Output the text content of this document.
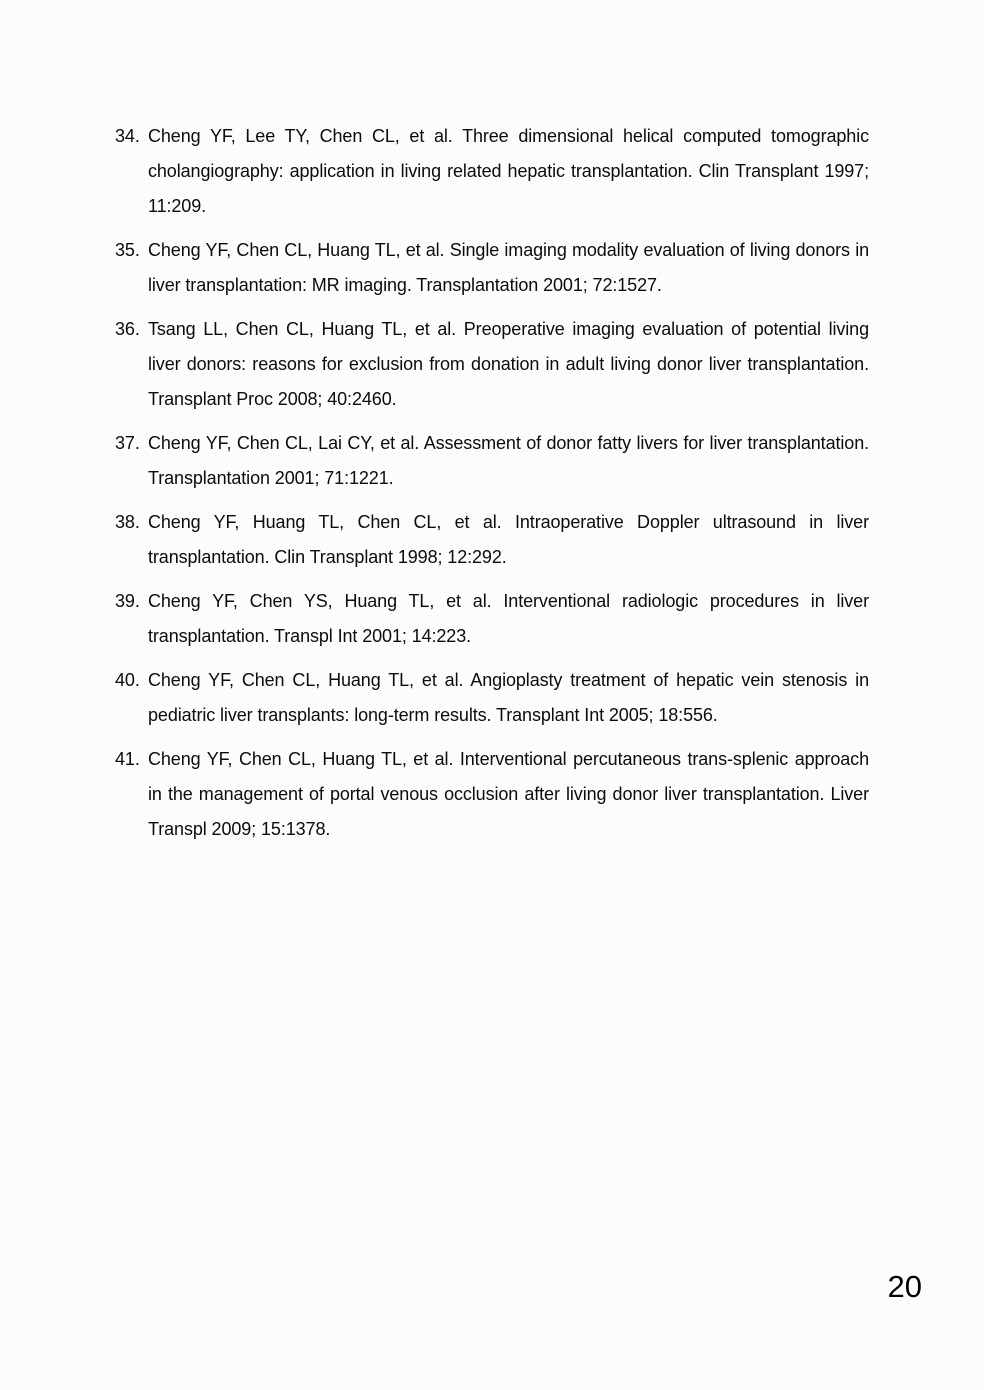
34. Cheng YF, Lee TY, Chen CL, et al. Three dimensional helical computed tomographic cholangiography: application in living related hepatic transplantation. Clin Transplant 1997; 11:209.
35. Cheng YF, Chen CL, Huang TL, et al. Single imaging modality evaluation of living donors in liver transplantation: MR imaging. Transplantation 2001; 72:1527.
36. Tsang LL, Chen CL, Huang TL, et al. Preoperative imaging evaluation of potential living liver donors: reasons for exclusion from donation in adult living donor liver transplantation. Transplant Proc 2008; 40:2460.
37. Cheng YF, Chen CL, Lai CY, et al. Assessment of donor fatty livers for liver transplantation. Transplantation 2001; 71:1221.
38. Cheng YF, Huang TL, Chen CL, et al. Intraoperative Doppler ultrasound in liver transplantation. Clin Transplant 1998; 12:292.
39. Cheng YF, Chen YS, Huang TL, et al. Interventional radiologic procedures in liver transplantation. Transpl Int 2001; 14:223.
40. Cheng YF, Chen CL, Huang TL, et al. Angioplasty treatment of hepatic vein stenosis in pediatric liver transplants: long-term results. Transplant Int 2005; 18:556.
41. Cheng YF, Chen CL, Huang TL, et al. Interventional percutaneous trans-splenic approach in the management of portal venous occlusion after living donor liver transplantation. Liver Transpl 2009; 15:1378.
20
